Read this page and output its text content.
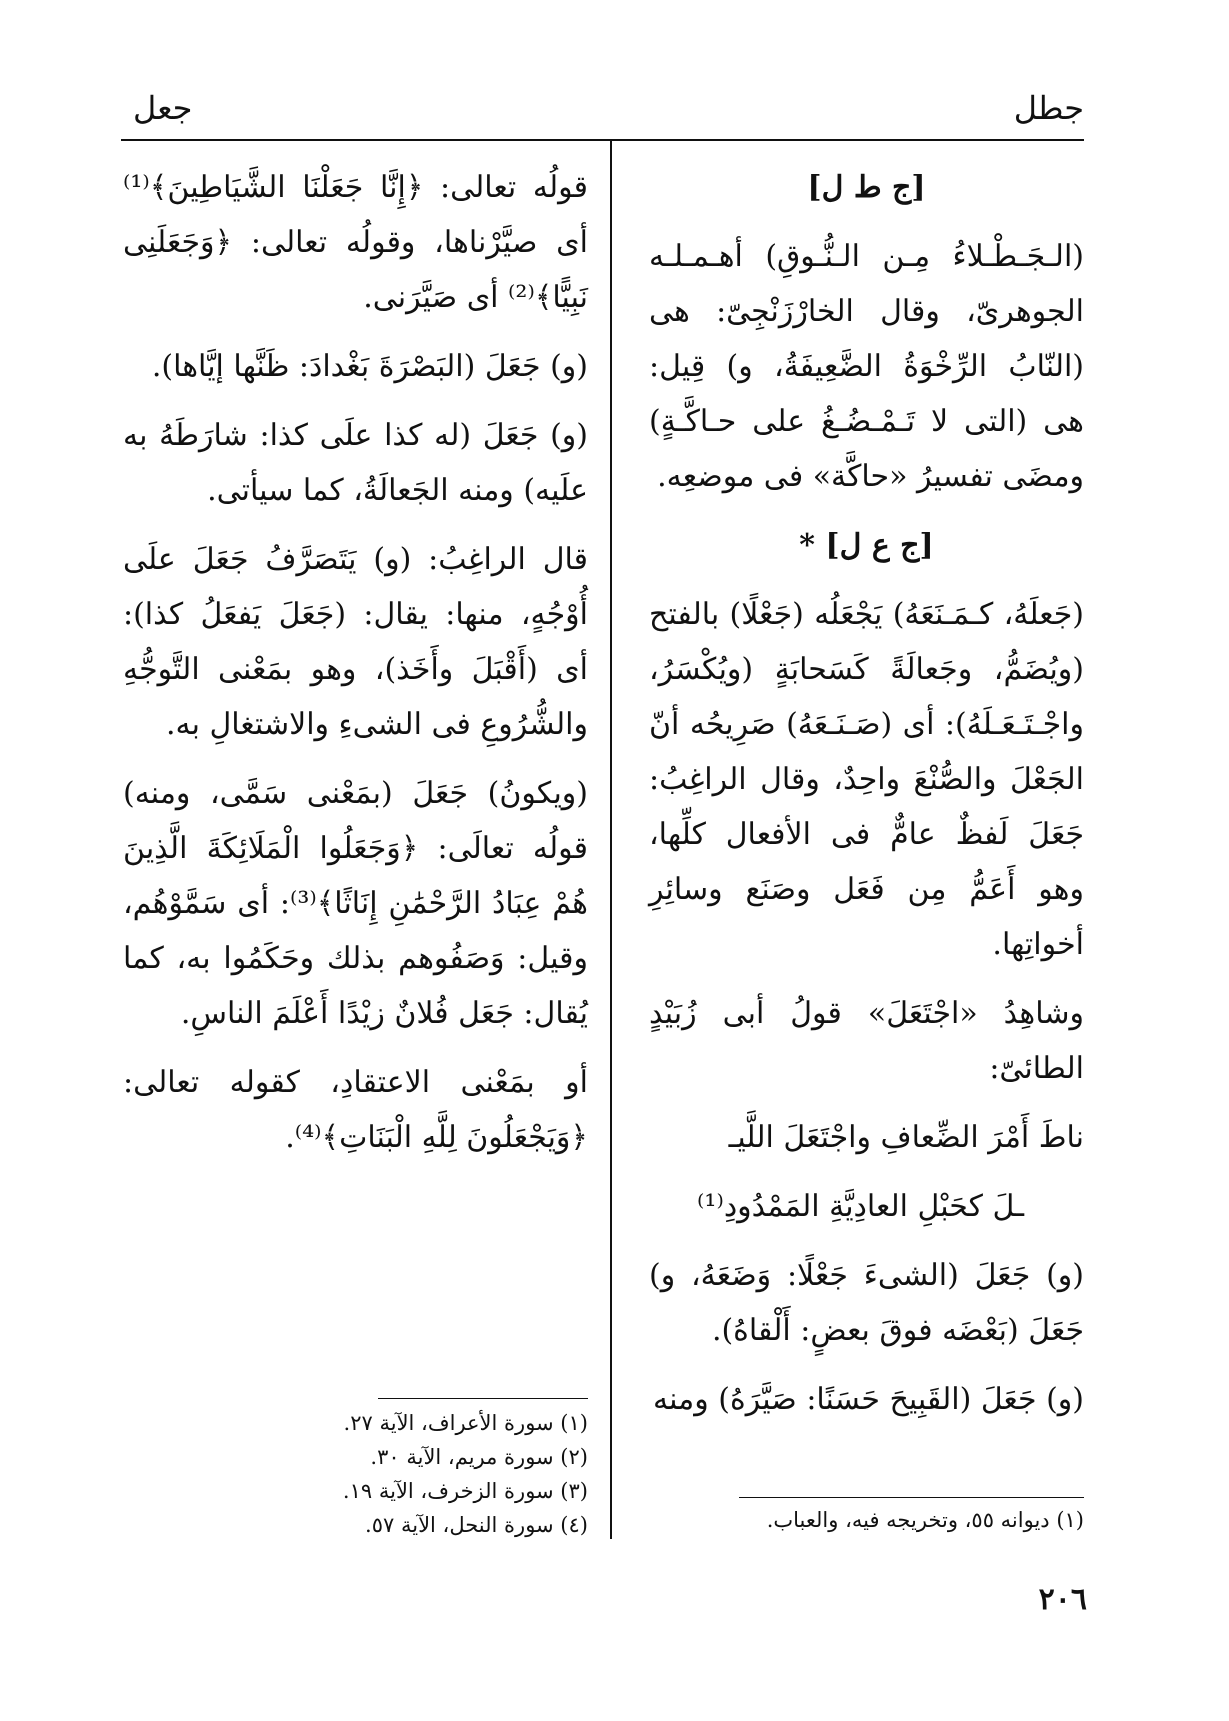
جطل
جعل

[ج ط ل]

(الـجَـطْـلاءُ مِـن الـنُّـوقِ) أهـمـلـه الجوهرىّ، وقال الخارْزَنْجِىّ: هى (النّابُ الرِّخْوَةُ الضَّعِيفَةُ، و) قِيل: هى (التى لا تَـمْـضُـغُ على حـاكَّـةٍ) ومضَى تفسيرُ «حاكَّة» فى موضعِه.

[ج ع ل] *

(جَعلَهُ، كـمَـنَعَهُ) يَجْعَلُه (جَعْلًا) بالفتح (ويُضَمُّ، وجَعالَةً كَسَحابَةٍ (ويُكْسَرُ، واجْـتَـعَـلَهُ): أى (صَـنَـعَهُ) صَرِيحُه أنّ الجَعْلَ والصُّنْعَ واحِدٌ، وقال الراغِبُ: جَعَلَ لَفظٌ عامٌّ فى الأفعال كلِّها، وهو أَعَمُّ مِن فَعَل وصَنَع وسائِرِ أخواتِها.

وشاهِدُ «اجْتَعَلَ» قولُ أبى زُبَيْدٍ الطائىّ:

ناطَ أَمْرَ الضِّعافِ واجْتَعَلَ اللَّيـ

ـلَ كحَبْلِ العادِيَّةِ المَمْدُودِ⁽¹⁾

(و) جَعَلَ (الشىءَ جَعْلًا: وَضَعَهُ، و) جَعَلَ (بَعْضَه فوقَ بعضٍ: أَلْقاهُ).

(و) جَعَلَ (القَبِيحَ حَسَنًا: صَيَّرَهُ) ومنه

قولُه تعالى: ﴿إِنَّا جَعَلْنَا الشَّيَاطِينَ﴾⁽¹⁾ أى صيَّرْناها، وقولُه تعالى: ﴿وَجَعَلَنِى نَبِيًّا﴾⁽²⁾ أى صَيَّرَنى.

(و) جَعَلَ (البَصْرَةَ بَغْدادَ: ظَنَّها إيَّاها).

(و) جَعَلَ (له كذا علَى كذا: شارَطَهُ به علَيه) ومنه الجَعالَةُ، كما سيأتى.

قال الراغِبُ: (و) يَتَصَرَّفُ جَعَلَ علَى أُوْجُهٍ، منها: يقال: (جَعَلَ يَفعَلُ كذا): أى (أَقْبَلَ وأَخَذ)، وهو بمَعْنى التَّوجُّهِ والشُّرُوعِ فى الشىءِ والاشتغالِ به.

(ويكونُ) جَعَلَ (بمَعْنى سَمَّى، ومنه) قولُه تعالَى: ﴿وَجَعَلُوا الْمَلَائِكَةَ الَّذِينَ هُمْ عِبَادُ الرَّحْمَٰنِ إِنَاثًا﴾⁽³⁾: أى سَمَّوْهُم، وقيل: وَصَفُوهم بذلك وحَكَمُوا به، كما يُقال: جَعَل فُلانٌ زيْدًا أَعْلَمَ الناسِ.

أو بمَعْنى الاعتقادِ، كقوله تعالى: ﴿وَيَجْعَلُونَ لِلَّهِ الْبَنَاتِ﴾⁽⁴⁾.

(١) سورة الأعراف، الآية ٢٧.
(٢) سورة مريم، الآية ٣٠.
(٣) سورة الزخرف، الآية ١٩.
(٤) سورة النحل، الآية ٥٧.	(١) ديوانه ٥٥، وتخريجه فيه، والعباب.
٢٠٦
